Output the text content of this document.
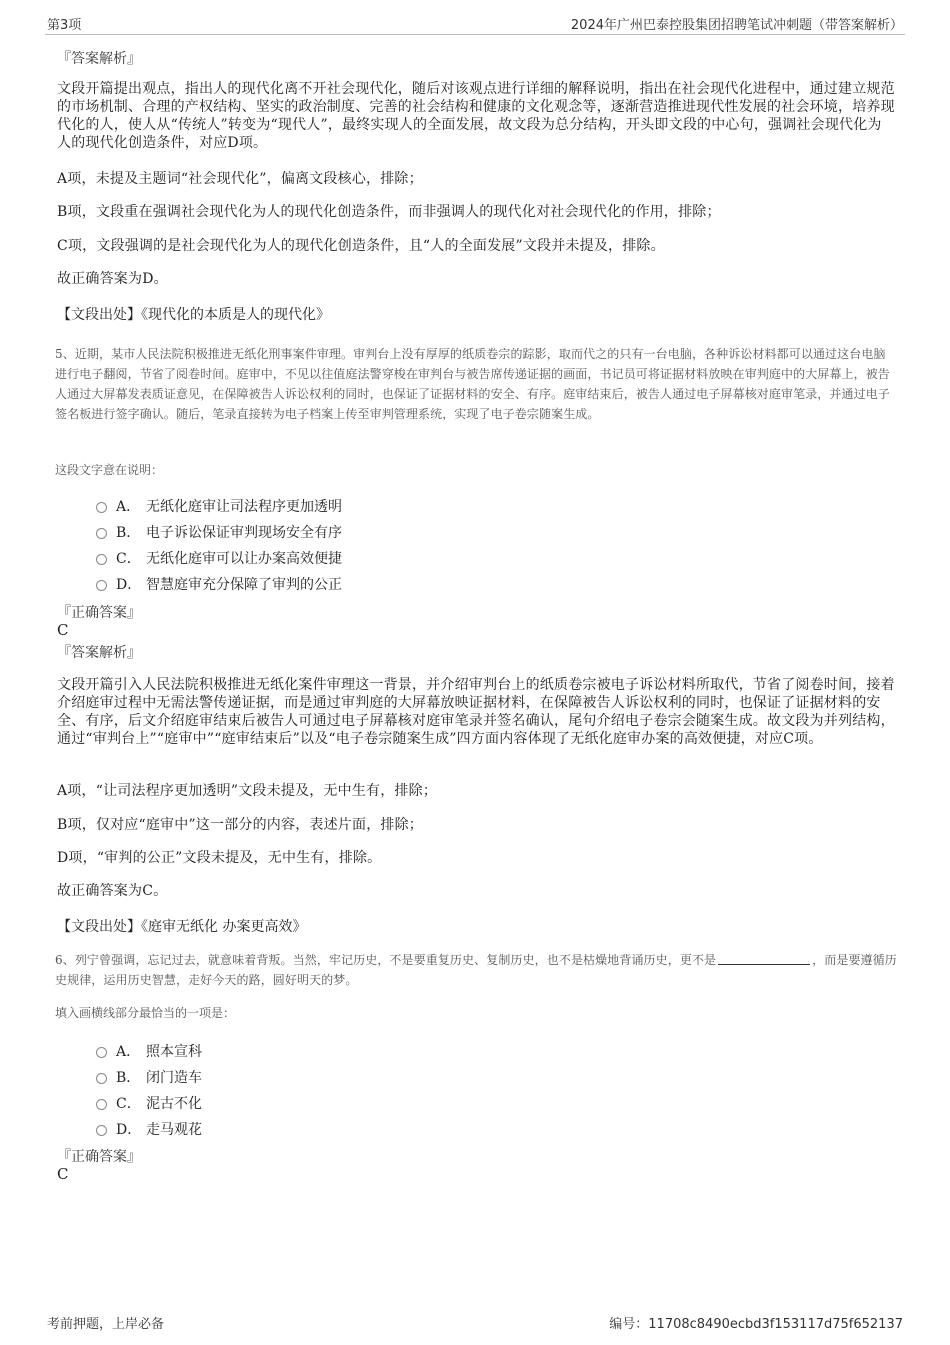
第3项	2024年广州巴泰控股集团招聘笔试冲刺题（带答案解析）
『答案解析』
文段开篇提出观点，指出人的现代化离不开社会现代化，随后对该观点进行详细的解释说明，指出在社会现代化进程中，通过建立规范的市场机制、合理的产权结构、坚实的政治制度、完善的社会结构和健康的文化观念等，逐渐营造推进现代性发展的社会环境，培养现代化的人，使人从“传统人”转变为“现代人”，最终实现人的全面发展，故文段为总分结构，开头即文段的中心句，强调社会现代化为人的现代化创造条件，对应D项。
A项，未提及主题词“社会现代化”，偏离文段核心，排除；
B项，文段重在强调社会现代化为人的现代化创造条件，而非强调人的现代化对社会现代化的作用，排除；
C项，文段强调的是社会现代化为人的现代化创造条件，且“人的全面发展”文段并未提及，排除。
故正确答案为D。
【文段出处】《现代化的本质是人的现代化》
5、近期，某市人民法院积极推进无纸化刑事案件审理。审判台上没有厚厚的纸质卷宗的踪影，取而代之的只有一台电脑，各种诉讼材料都可以通过这台电脑进行电子翻阅，节省了阅卷时间。庭审中，不见以往值庭法警穿梭在审判台与被告席传递证据的画面，书记员可将证据材料放映在审判庭中的大屏幕上，被告人通过大屏幕发表质证意见，在保障被告人诉讼权利的同时，也保证了证据材料的安全、有序。庭审结束后，被告人通过电子屏幕核对庭审笔录，并通过电子签名板进行签字确认。随后，笔录直接转为电子档案上传至审判管理系统，实现了电子卷宗随案生成。
这段文字意在说明：
A． 无纸化庭审让司法程序更加透明
B． 电子诉讼保证审判现场安全有序
C． 无纸化庭审可以让办案高效便捷
D． 智慧庭审充分保障了审判的公正
『正确答案』
C
『答案解析』
文段开篇引入人民法院积极推进无纸化案件审理这一背景，并介绍审判台上的纸质卷宗被电子诉讼材料所取代，节省了阅卷时间，接着介绍庭审过程中无需法警传递证据，而是通过审判庭的大屏幕放映证据材料，在保障被告人诉讼权利的同时，也保证了证据材料的安全、有序，后文介绍庭审结束后被告人可通过电子屏幕核对庭审笔录并签名确认，尾句介绍电子卷宗会随案生成。故文段为并列结构，通过“审判台上”“庭审中”“庭审结束后”以及“电子卷宗随案生成”四方面内容体现了无纸化庭审办案的高效便捷，对应C项。
A项，“让司法程序更加透明”文段未提及，无中生有，排除；
B项，仅对应“庭审中”这一部分的内容，表述片面，排除；
D项，“审判的公正”文段未提及，无中生有，排除。
故正确答案为C。
【文段出处】《庭审无纸化 办案更高效》
6、列宁曾强调，忘记过去，就意味着背叛。当然，牢记历史，不是要重复历史、复制历史，也不是枯燥地背诵历史，更不是	，而是要遵循历史规律，运用历史智慧，走好今天的路，圆好明天的梦。
填入画横线部分最恰当的一项是：
A． 照本宣科
B． 闭门造车
C． 泥古不化
D． 走马观花
『正确答案』
C
考前押题，上岸必备	编号：11708c8490ecbd3f153117d75f652137
